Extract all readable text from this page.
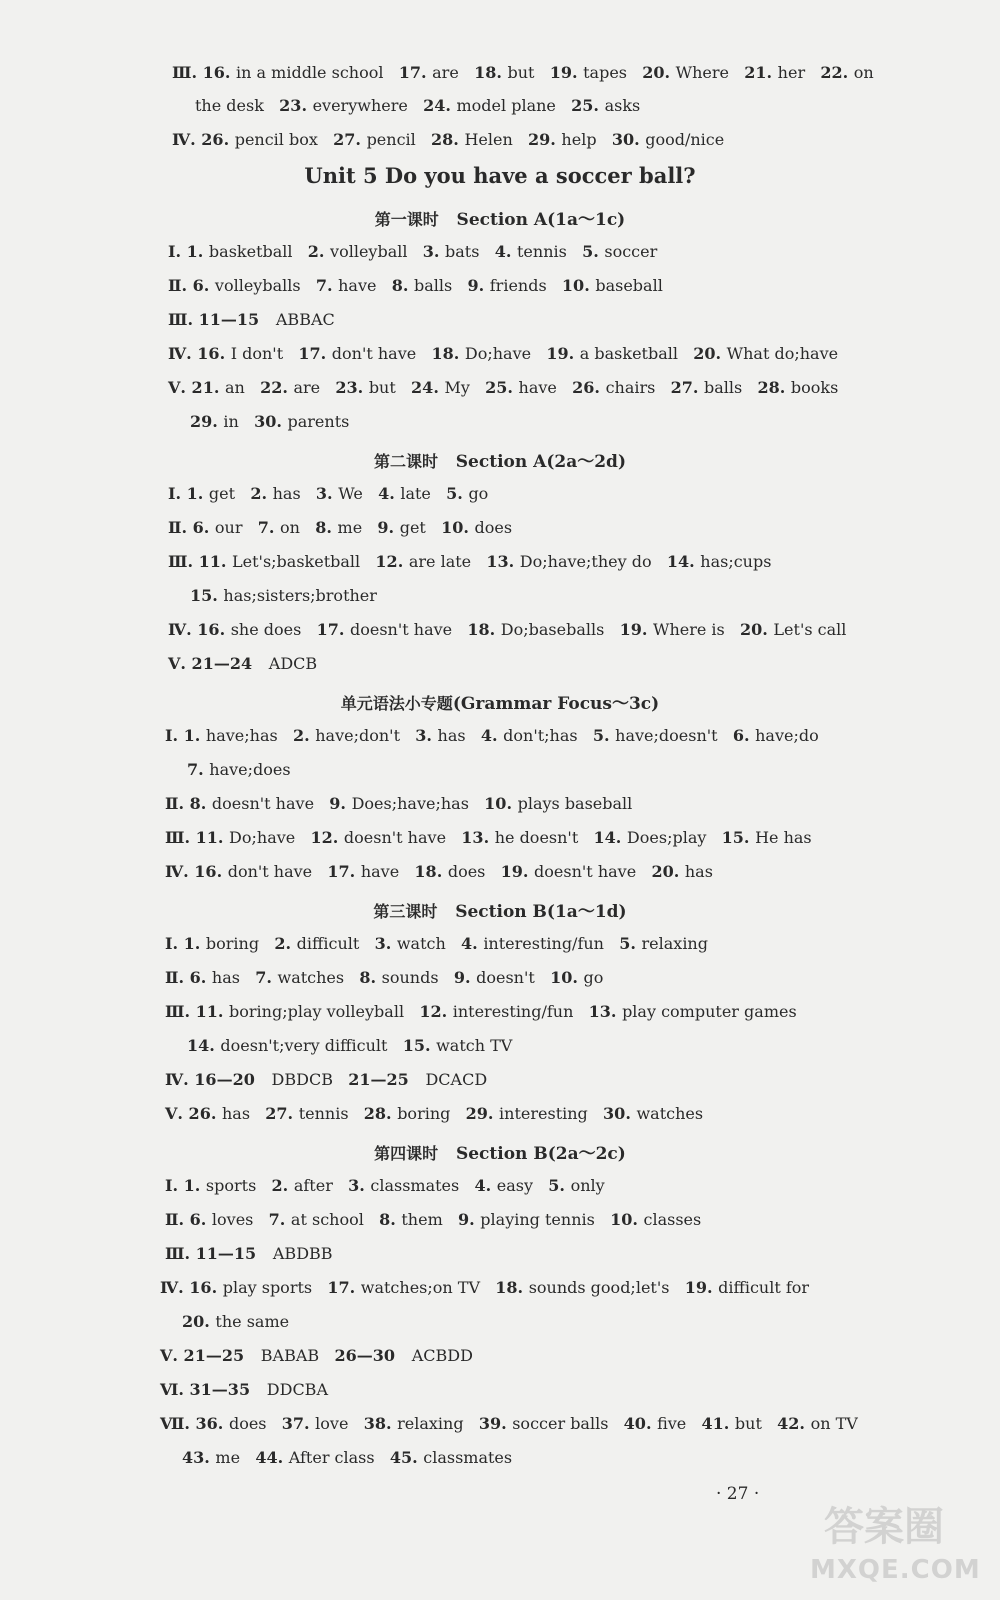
Unit 5 Do you have a soccer ball?
第一课时 Section A(1a～1c)
第二课时 Section A(2a～2d)
单元语法小专题(Grammar Focus～3c)
第三课时 Section B(1a～1d)
第四课时 Section B(2a～2c)
Ⅲ. 16. in a middle school   17. are   18. but   19. tapes   20. Where   21. her   22. on
the desk   23. everywhere   24. model plane   25. asks
Ⅳ. 26. pencil box   27. pencil   28. Helen   29. help   30. good/nice
Ⅰ. 1. basketball   2. volleyball   3. bats   4. tennis   5. soccer
Ⅱ. 6. volleyballs   7. have   8. balls   9. friends   10. baseball
Ⅲ. 11—15   ABBAC
Ⅳ. 16. I don't   17. don't have   18. Do;have   19. a basketball   20. What do;have
Ⅴ. 21. an   22. are   23. but   24. My   25. have   26. chairs   27. balls   28. books
29. in   30. parents
Ⅰ. 1. get   2. has   3. We   4. late   5. go
Ⅱ. 6. our   7. on   8. me   9. get   10. does
Ⅲ. 11. Let's;basketball   12. are late   13. Do;have;they do   14. has;cups
15. has;sisters;brother
Ⅳ. 16. she does   17. doesn't have   18. Do;baseballs   19. Where is   20. Let's call
Ⅴ. 21—24   ADCB
Ⅰ. 1. have;has   2. have;don't   3. has   4. don't;has   5. have;doesn't   6. have;do
7. have;does
Ⅱ. 8. doesn't have   9. Does;have;has   10. plays baseball
Ⅲ. 11. Do;have   12. doesn't have   13. he doesn't   14. Does;play   15. He has
Ⅳ. 16. don't have   17. have   18. does   19. doesn't have   20. has
Ⅰ. 1. boring   2. difficult   3. watch   4. interesting/fun   5. relaxing
Ⅱ. 6. has   7. watches   8. sounds   9. doesn't   10. go
Ⅲ. 11. boring;play volleyball   12. interesting/fun   13. play computer games
14. doesn't;very difficult   15. watch TV
Ⅳ. 16—20   DBDCB   21—25   DCACD
Ⅴ. 26. has   27. tennis   28. boring   29. interesting   30. watches
Ⅰ. 1. sports   2. after   3. classmates   4. easy   5. only
Ⅱ. 6. loves   7. at school   8. them   9. playing tennis   10. classes
Ⅲ. 11—15   ABDBB
Ⅳ. 16. play sports   17. watches;on TV   18. sounds good;let's   19. difficult for
20. the same
Ⅴ. 21—25   BABAB   26—30   ACBDD
Ⅵ. 31—35   DDCBA
Ⅶ. 36. does   37. love   38. relaxing   39. soccer balls   40. five   41. but   42. on TV
43. me   44. After class   45. classmates
· 27 ·
答案圈
MXQE.COM
